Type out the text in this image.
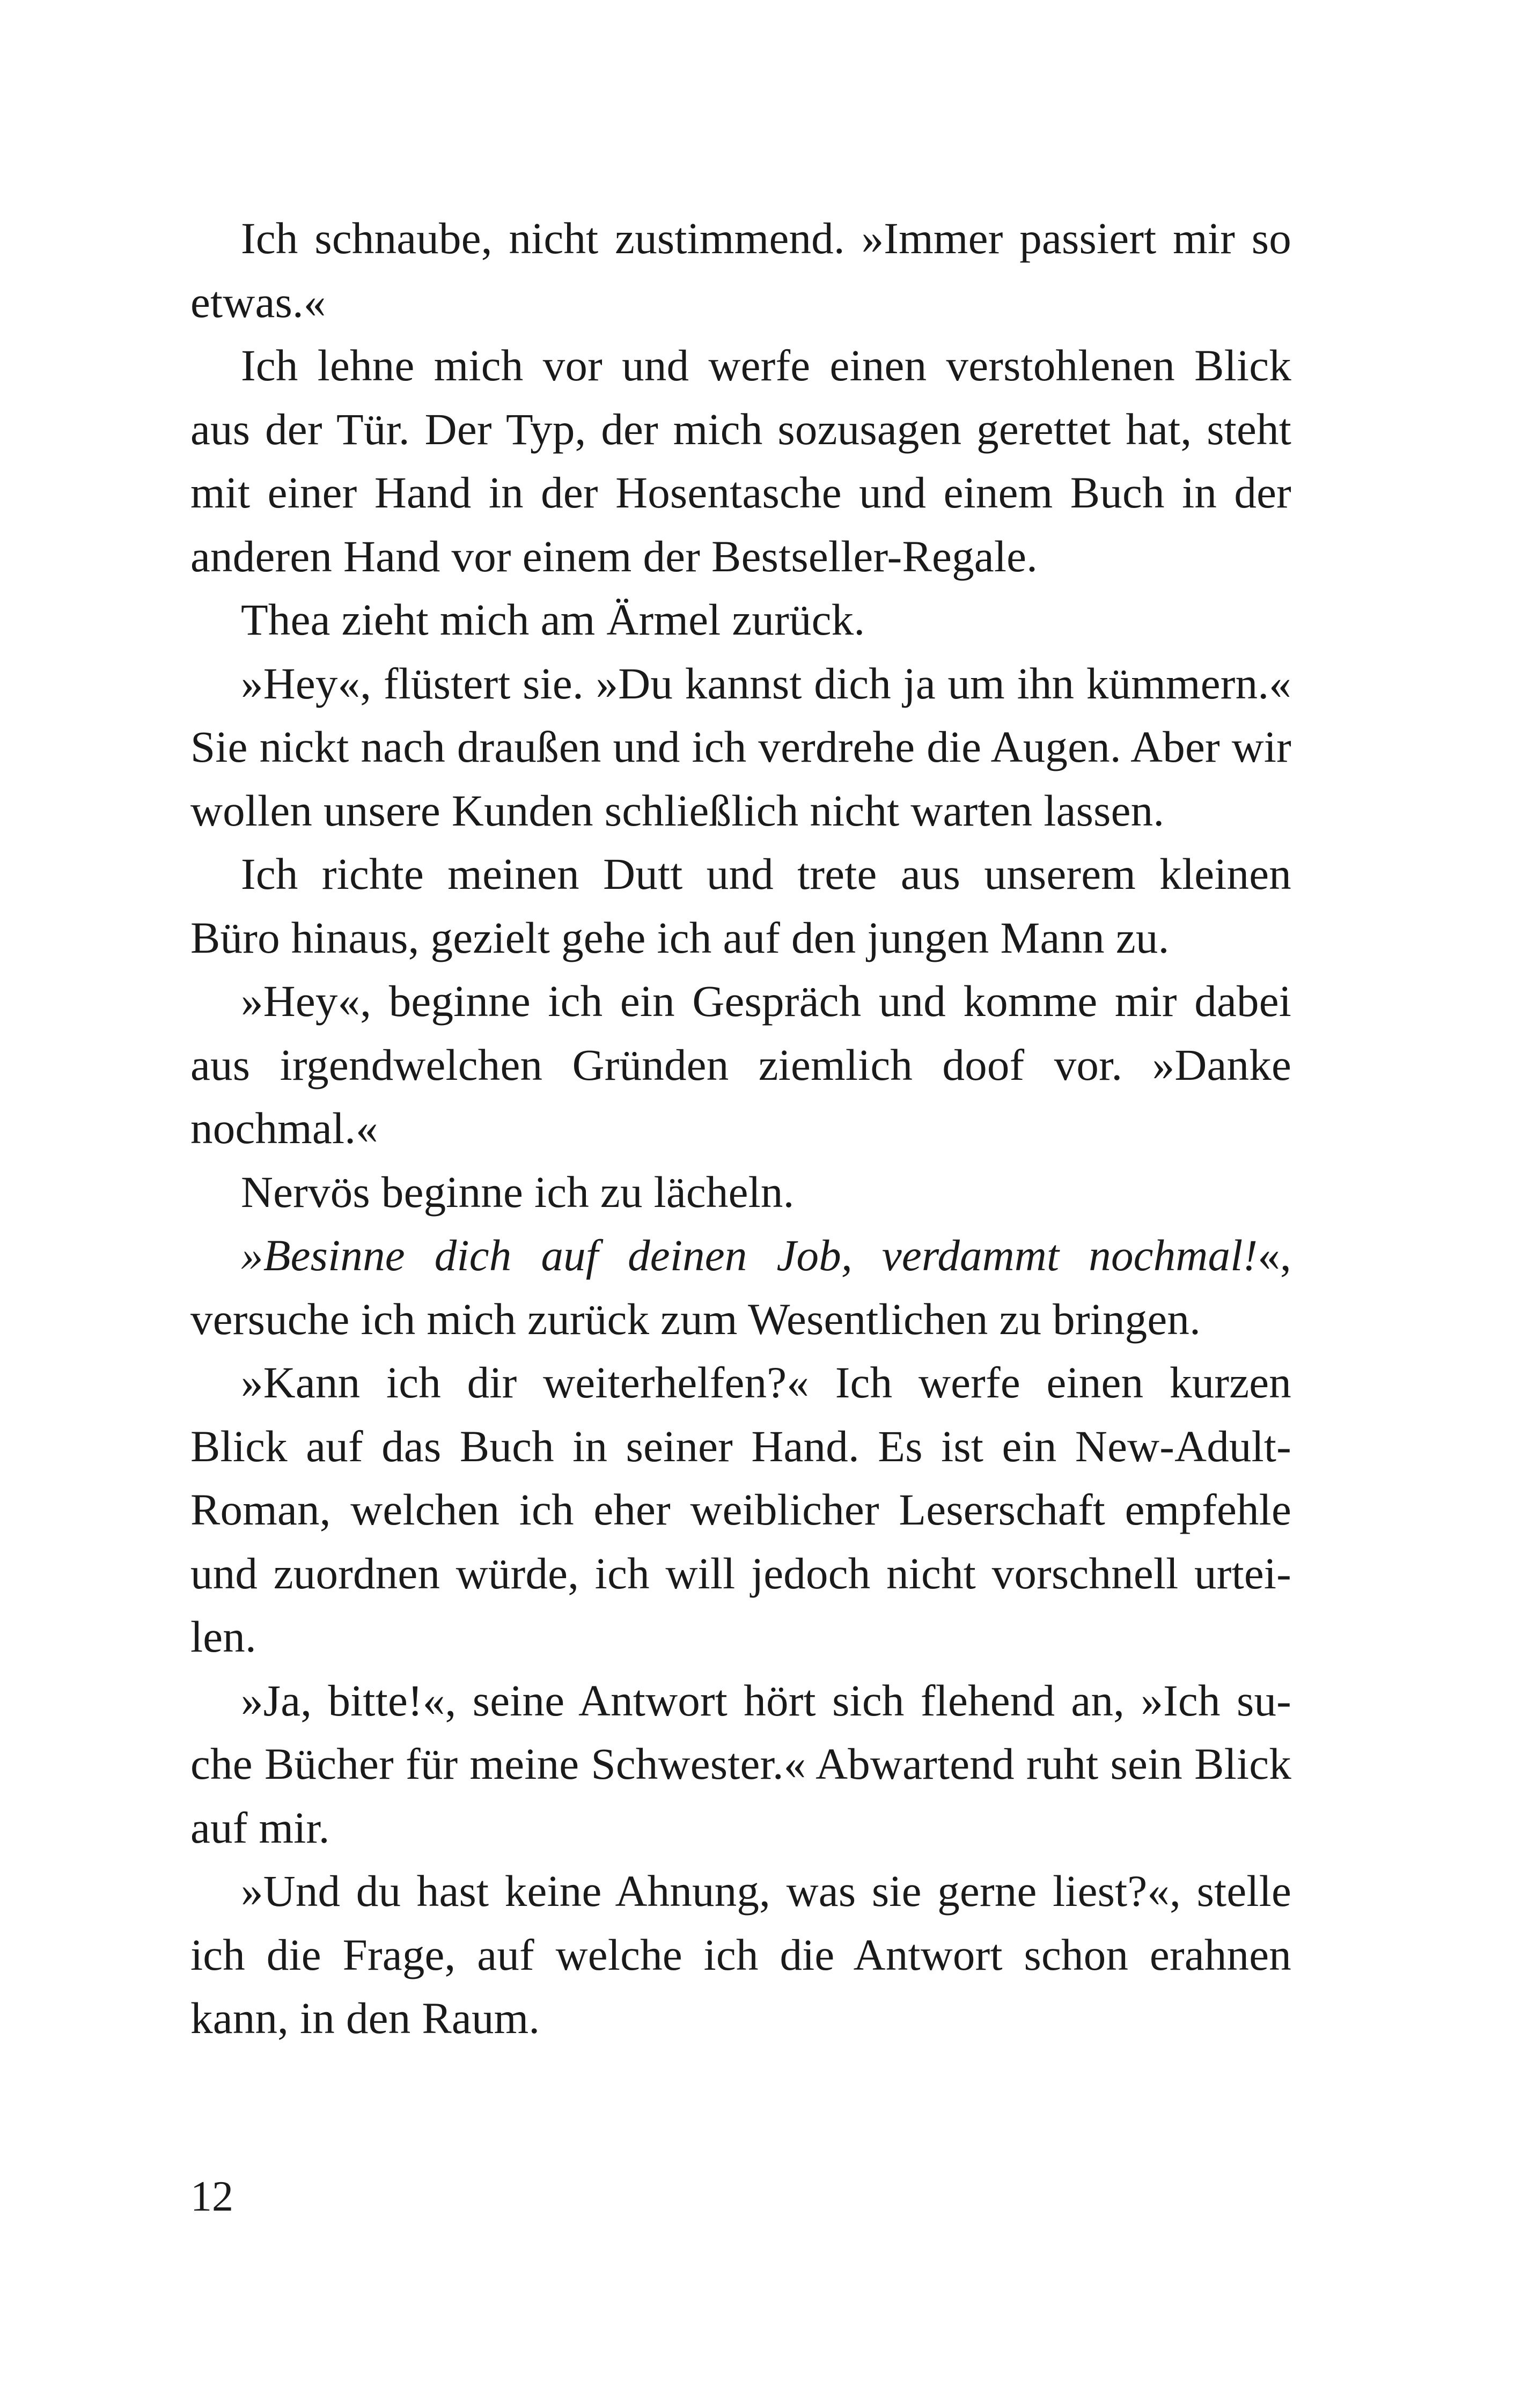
Ich schnaube, nicht zustimmend. »Immer passiert mir so etwas.«

Ich lehne mich vor und werfe einen verstohlenen Blick aus der Tür. Der Typ, der mich sozusagen gerettet hat, steht mit einer Hand in der Hosentasche und einem Buch in der anderen Hand vor einem der Bestseller-Regale.

Thea zieht mich am Ärmel zurück.

»Hey«, flüstert sie. »Du kannst dich ja um ihn kümmern.« Sie nickt nach draußen und ich verdrehe die Augen. Aber wir wollen unsere Kunden schließlich nicht warten lassen.

Ich richte meinen Dutt und trete aus unserem kleinen Büro hinaus, gezielt gehe ich auf den jungen Mann zu.

»Hey«, beginne ich ein Gespräch und komme mir dabei aus irgendwelchen Gründen ziemlich doof vor. »Danke nochmal.«

Nervös beginne ich zu lächeln.

»Besinne dich auf deinen Job, verdammt nochmal!«, versuche ich mich zurück zum Wesentlichen zu bringen.

»Kann ich dir weiterhelfen?« Ich werfe einen kurzen Blick auf das Buch in seiner Hand. Es ist ein New-Adult-Roman, welchen ich eher weiblicher Leserschaft empfehle und zuordnen würde, ich will jedoch nicht vorschnell urtei-len.

»Ja, bitte!«, seine Antwort hört sich flehend an, »Ich su-che Bücher für meine Schwester.« Abwartend ruht sein Blick auf mir.

»Und du hast keine Ahnung, was sie gerne liest?«, stelle ich die Frage, auf welche ich die Antwort schon erahnen kann, in den Raum.

12
